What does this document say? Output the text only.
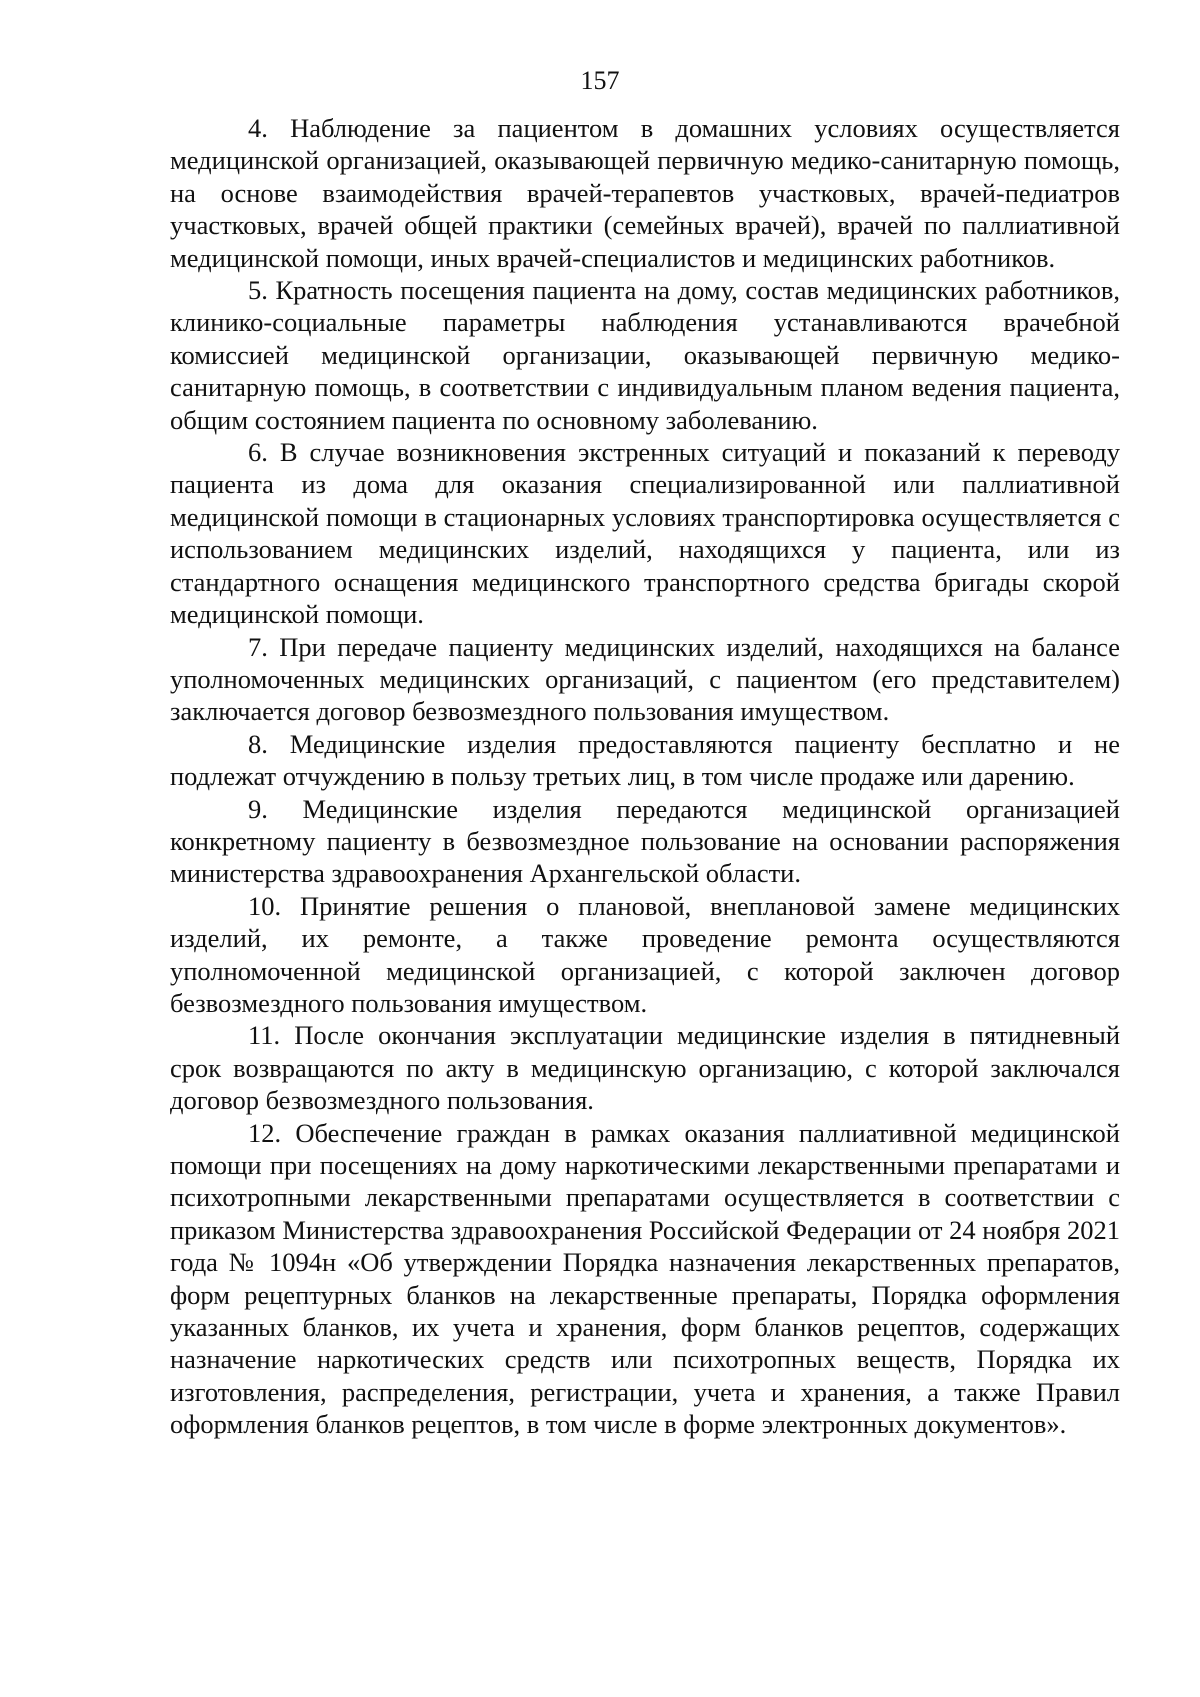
157

4. Наблюдение за пациентом в домашних условиях осуществляется медицинской организацией, оказывающей первичную медико-санитарную помощь, на основе взаимодействия врачей-терапевтов участковых, врачей-педиатров участковых, врачей общей практики (семейных врачей), врачей по паллиативной медицинской помощи, иных врачей-специалистов и медицинских работников.

5. Кратность посещения пациента на дому, состав медицинских работников, клинико-социальные параметры наблюдения устанавливаются врачебной комиссией медицинской организации, оказывающей первичную медико-санитарную помощь, в соответствии с индивидуальным планом ведения пациента, общим состоянием пациента по основному заболеванию.

6. В случае возникновения экстренных ситуаций и показаний к переводу пациента из дома для оказания специализированной или паллиативной медицинской помощи в стационарных условиях транспортировка осуществляется с использованием медицинских изделий, находящихся у пациента, или из стандартного оснащения медицинского транспортного средства бригады скорой медицинской помощи.

7. При передаче пациенту медицинских изделий, находящихся на балансе уполномоченных медицинских организаций, с пациентом (его представителем) заключается договор безвозмездного пользования имуществом.

8. Медицинские изделия предоставляются пациенту бесплатно и не подлежат отчуждению в пользу третьих лиц, в том числе продаже или дарению.

9. Медицинские изделия передаются медицинской организацией конкретному пациенту в безвозмездное пользование на основании распоряжения министерства здравоохранения Архангельской области.

10. Принятие решения о плановой, внеплановой замене медицинских изделий, их ремонте, а также проведение ремонта осуществляются уполномоченной медицинской организацией, с которой заключен договор безвозмездного пользования имуществом.

11. После окончания эксплуатации медицинские изделия в пятидневный срок возвращаются по акту в медицинскую организацию, с которой заключался договор безвозмездного пользования.

12. Обеспечение граждан в рамках оказания паллиативной медицинской помощи при посещениях на дому наркотическими лекарственными препаратами и психотропными лекарственными препаратами осуществляется в соответствии с приказом Министерства здравоохранения Российской Федерации от 24 ноября 2021 года № 1094н «Об утверждении Порядка назначения лекарственных препаратов, форм рецептурных бланков на лекарственные препараты, Порядка оформления указанных бланков, их учета и хранения, форм бланков рецептов, содержащих назначение наркотических средств или психотропных веществ, Порядка их изготовления, распределения, регистрации, учета и хранения, а также Правил оформления бланков рецептов, в том числе в форме электронных документов».
